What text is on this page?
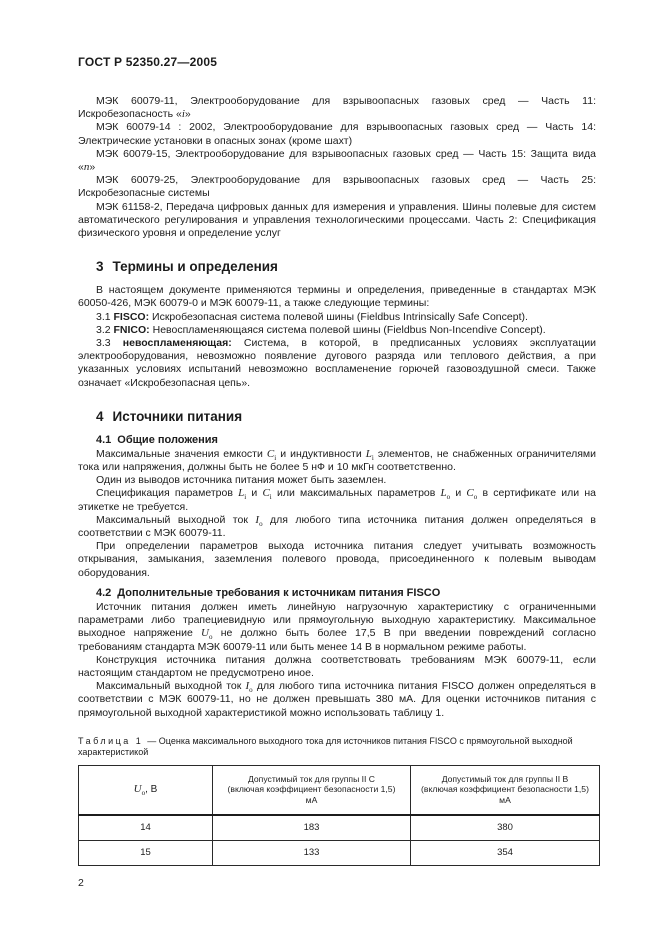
ГОСТ Р 52350.27—2005

МЭК 60079-11, Электрооборудование для взрывоопасных газовых сред — Часть 11: Искробезопасность «i»

МЭК 60079-14 : 2002, Электрооборудование для взрывоопасных газовых сред — Часть 14: Электрические установки в опасных зонах (кроме шахт)

МЭК 60079-15, Электрооборудование для взрывоопасных газовых сред — Часть 15: Защита вида «n»

МЭК 60079-25, Электрооборудование для взрывоопасных газовых сред — Часть 25: Искробезопасные системы

МЭК 61158-2, Передача цифровых данных для измерения и управления. Шины полевые для систем автоматического регулирования и управления технологическими процессами. Часть 2: Спецификация физического уровня и определение услуг

3 Термины и определения

В настоящем документе применяются термины и определения, приведенные в стандартах МЭК 60050-426, МЭК 60079-0 и МЭК 60079-11, а также следующие термины:

3.1 FISCO: Искробезопасная система полевой шины (Fieldbus Intrinsically Safe Concept).

3.2 FNICO: Невоспламеняющаяся система полевой шины (Fieldbus Non-Incendive Concept).

3.3 невоспламеняющая: Система, в которой, в предписанных условиях эксплуатации электрооборудования, невозможно появление дугового разряда или теплового действия, а при указанных условиях испытаний невозможно воспламенение горючей газовоздушной смеси. Также означает «Искробезопасная цепь».

4 Источники питания
4.1 Общие положения

Максимальные значения емкости $C_i$ и индуктивности $L_i$ элементов, не снабженных ограничителями тока или напряжения, должны быть не более 5 нФ и 10 мкГн соответственно.

Один из выводов источника питания может быть заземлен.

Спецификация параметров $L_i$ и $C_i$ или максимальных параметров $L_o$ и $C_o$ в сертификате или на этикетке не требуется.

Максимальный выходной ток $I_o$ для любого типа источника питания должен определяться в соответствии с МЭК 60079-11.

При определении параметров выхода источника питания следует учитывать возможность открывания, замыкания, заземления полевого провода, присоединенного к полевым выводам оборудования.

4.2 Дополнительные требования к источникам питания FISCO

Источник питания должен иметь линейную нагрузочную характеристику с ограниченными параметрами либо трапециевидную или прямоугольную выходную характеристику. Максимальное выходное напряжение $U_o$ не должно быть более 17,5 В при введении повреждений согласно требованиям стандарта МЭК 60079-11 или быть менее 14 В в нормальном режиме работы.

Конструкция источника питания должна соответствовать требованиям МЭК 60079-11, если настоящим стандартом не предусмотрено иное.

Максимальный выходной ток $I_o$ для любого типа источника питания FISCO должен определяться в соответствии с МЭК 60079-11, но не должен превышать 380 мА. Для оценки источников питания с прямоугольной выходной характеристикой можно использовать таблицу 1.

Таблица 1 — Оценка максимального выходного тока для источников питания FISCO с прямоугольной выходной характеристикой
$U_o$, В	Допустимый ток для группы II С
(включая коэффициент безопасности 1,5)
мА	Допустимый ток для группы II В
(включая коэффициент безопасности 1,5)
мА

14	183	380
15	133	354
2
